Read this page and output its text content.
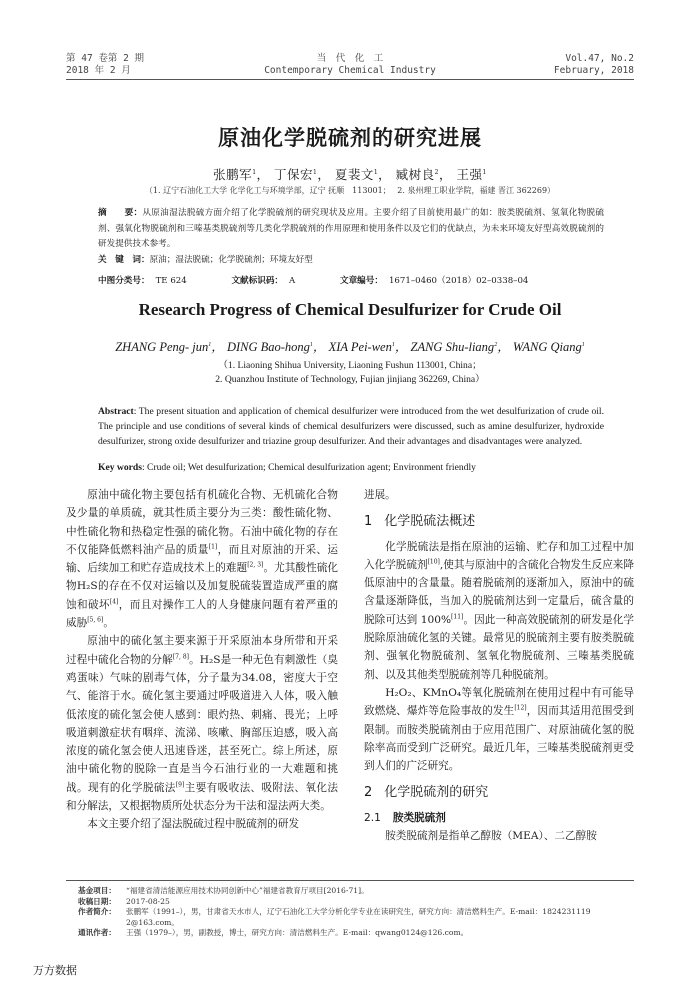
第 47 卷第 2 期
2018 年 2 月
当　代　化　工
Contemporary Chemical Industry
Vol.47, No.2
February, 2018
原油化学脱硫剂的研究进展
张鹏军$^1$， 丁保宏$^1$， 夏裴文$^1$， 臧树良$^2$， 王强$^1$
（1. 辽宁石油化工大学 化学化工与环境学部，辽宁 抚顺　113001；　 2. 泉州理工职业学院，福建 晋江 362269）
摘　　要：从原油湿法脱硫方面介绍了化学脱硫剂的研究现状及应用。主要介绍了目前使用最广的如：胺类脱硫剂、氢氧化物脱硫剂、强氧化物脱硫剂和三嗪基类脱硫剂等几类化学脱硫剂的作用原理和使用条件以及它们的优缺点，为未来环境友好型高效脱硫剂的研发提供技术参考。
关　键　词：原油；湿法脱硫；化学脱硫剂；环境友好型
中图分类号： TE 624	文献标识码： A	文章编号： 1671–0460（2018）02–0338–04
Research Progress of Chemical Desulfurizer for Crude Oil
ZHANG Peng- jun$^1$， DING Bao-hong$^1$， XIA Pei-wen$^1$， ZANG Shu-liang$^2$， WANG Qiang$^1$
（1. Liaoning Shihua University, Liaoning Fushun 113001, China；
2. Quanzhou Institute of Technology, Fujian jinjiang 362269, China）
Abstract: The present situation and application of chemical desulfurizer were introduced from the wet desulfurization of crude oil. The principle and use conditions of several kinds of chemical desulfurizers were discussed, such as amine desulfurizer, hydroxide desulfurizer, strong oxide desulfurizer and triazine group desulfurizer. And their advantages and disadvantages were analyzed.
Key words: Crude oil; Wet desulfurization; Chemical desulfurization agent; Environment friendly

原油中硫化物主要包括有机硫化合物、无机硫化合物及少量的单质硫，就其性质主要分为三类：酸性硫化物、中性硫化物和热稳定性强的硫化物。石油中硫化物的存在不仅能降低燃料油产品的质量[1]，而且对原油的开采、运输、后续加工和贮存造成技术上的难题[2, 3]。尤其酸性硫化物H₂S的存在不仅对运输以及加复脱硫装置造成严重的腐蚀和破坏[4]，而且对操作工人的人身健康问题有着严重的威胁[5, 6]。

原油中的硫化氢主要来源于开采原油本身所带和开采过程中硫化合物的分解[7, 8]。H₂S是一种无色有刺激性（臭鸡蛋味）气味的剧毒气体，分子量为34.08，密度大于空气、能溶于水。硫化氢主要通过呼吸道进入人体，吸入触低浓度的硫化氢会使人感到：眼灼热、刺痛、畏光；上呼吸道刺激症状有咽痒、流涕、咳嗽、胸部压迫感，吸入高浓度的硫化氢会使人迅速昏迷，甚至死亡。综上所述，原油中硫化物的脱除一直是当今石油行业的一大难题和挑战。现有的化学脱硫法[9]主要有吸收法、吸附法、氧化法和分解法，又根据物质所处状态分为干法和湿法两大类。

本文主要介绍了湿法脱硫过程中脱硫剂的研发

进展。

1 化学脱硫法概述

化学脱硫法是指在原油的运输、贮存和加工过程中加入化学脱硫剂[10],使其与原油中的含硫化合物发生反应来降低原油中的含量量。随着脱硫剂的逐渐加入，原油中的硫含量逐渐降低，当加入的脱硫剂达到一定量后，硫含量的脱除可达到 100%[11]。因此一种高效脱硫剂的研发是化学脱除原油硫化氢的关键。最常见的脱硫剂主要有胺类脱硫剂、强氧化物脱硫剂、氢氧化物脱硫剂、三嗪基类脱硫剂、以及其他类型脱硫剂等几种脱硫剂。

H₂O₂、KMnO₄等氧化脱硫剂在使用过程中有可能导致燃烧、爆炸等危险事故的发生[12]，因而其适用范围受到限制。而胺类脱硫剂由于应用范围广、对原油硫化氢的脱除率高而受到广泛研究。最近几年，三嗪基类脱硫剂更受到人们的广泛研究。

2 化学脱硫剂的研究
2.1 胺类脱硫剂

胺类脱硫剂是指单乙醇胺（MEA）、二乙醇胺

基金项目：	“福建省清洁能源应用技术协同创新中心”福建省教育厅项目[2016-71]。
收稿日期：	2017-08-25
作者简介：	张鹏军（1991–），男，甘肃省天水市人，辽宁石油化工大学分析化学专业在读研究生，研究方向：清洁燃料生产。E-mail：1824231119 2@163.com。
通讯作者：	王强（1979–），男，副教授，博士，研究方向：清洁燃料生产。E-mail：qwang0124@126.com。
万方数据
